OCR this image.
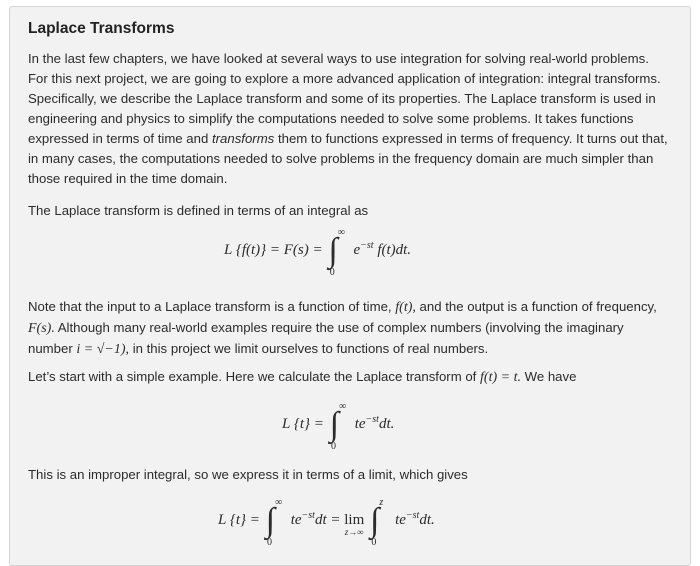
Laplace Transforms

In the last few chapters, we have looked at several ways to use integration for solving real-world problems. For this next project, we are going to explore a more advanced application of integration: integral transforms. Specifically, we describe the Laplace transform and some of its properties. The Laplace transform is used in engineering and physics to simplify the computations needed to solve some problems. It takes functions expressed in terms of time and transforms them to functions expressed in terms of frequency. It turns out that, in many cases, the computations needed to solve problems in the frequency domain are much simpler than those required in the time domain.

The Laplace transform is defined in terms of an integral as

L {f(t)} = F(s) = ∫ ∞
0
$e^{-st}$ f(t)dt.

Note that the input to a Laplace transform is a function of time, f(t), and the output is a function of frequency, F(s). Although many real-world examples require the use of complex numbers (involving the imaginary number i = √−1), in this project we limit ourselves to functions of real numbers.

Let’s start with a simple example. Here we calculate the Laplace transform of f(t) = t. We have

L {t} = ∫ ∞
0
$te^{-st}dt$.

This is an improper integral, so we express it in terms of a limit, which gives

L {t} = ∫ ∞
0
$te^{-st}dt = \lim$
z→∞ ∫ z
0
$te^{-st}dt$.
